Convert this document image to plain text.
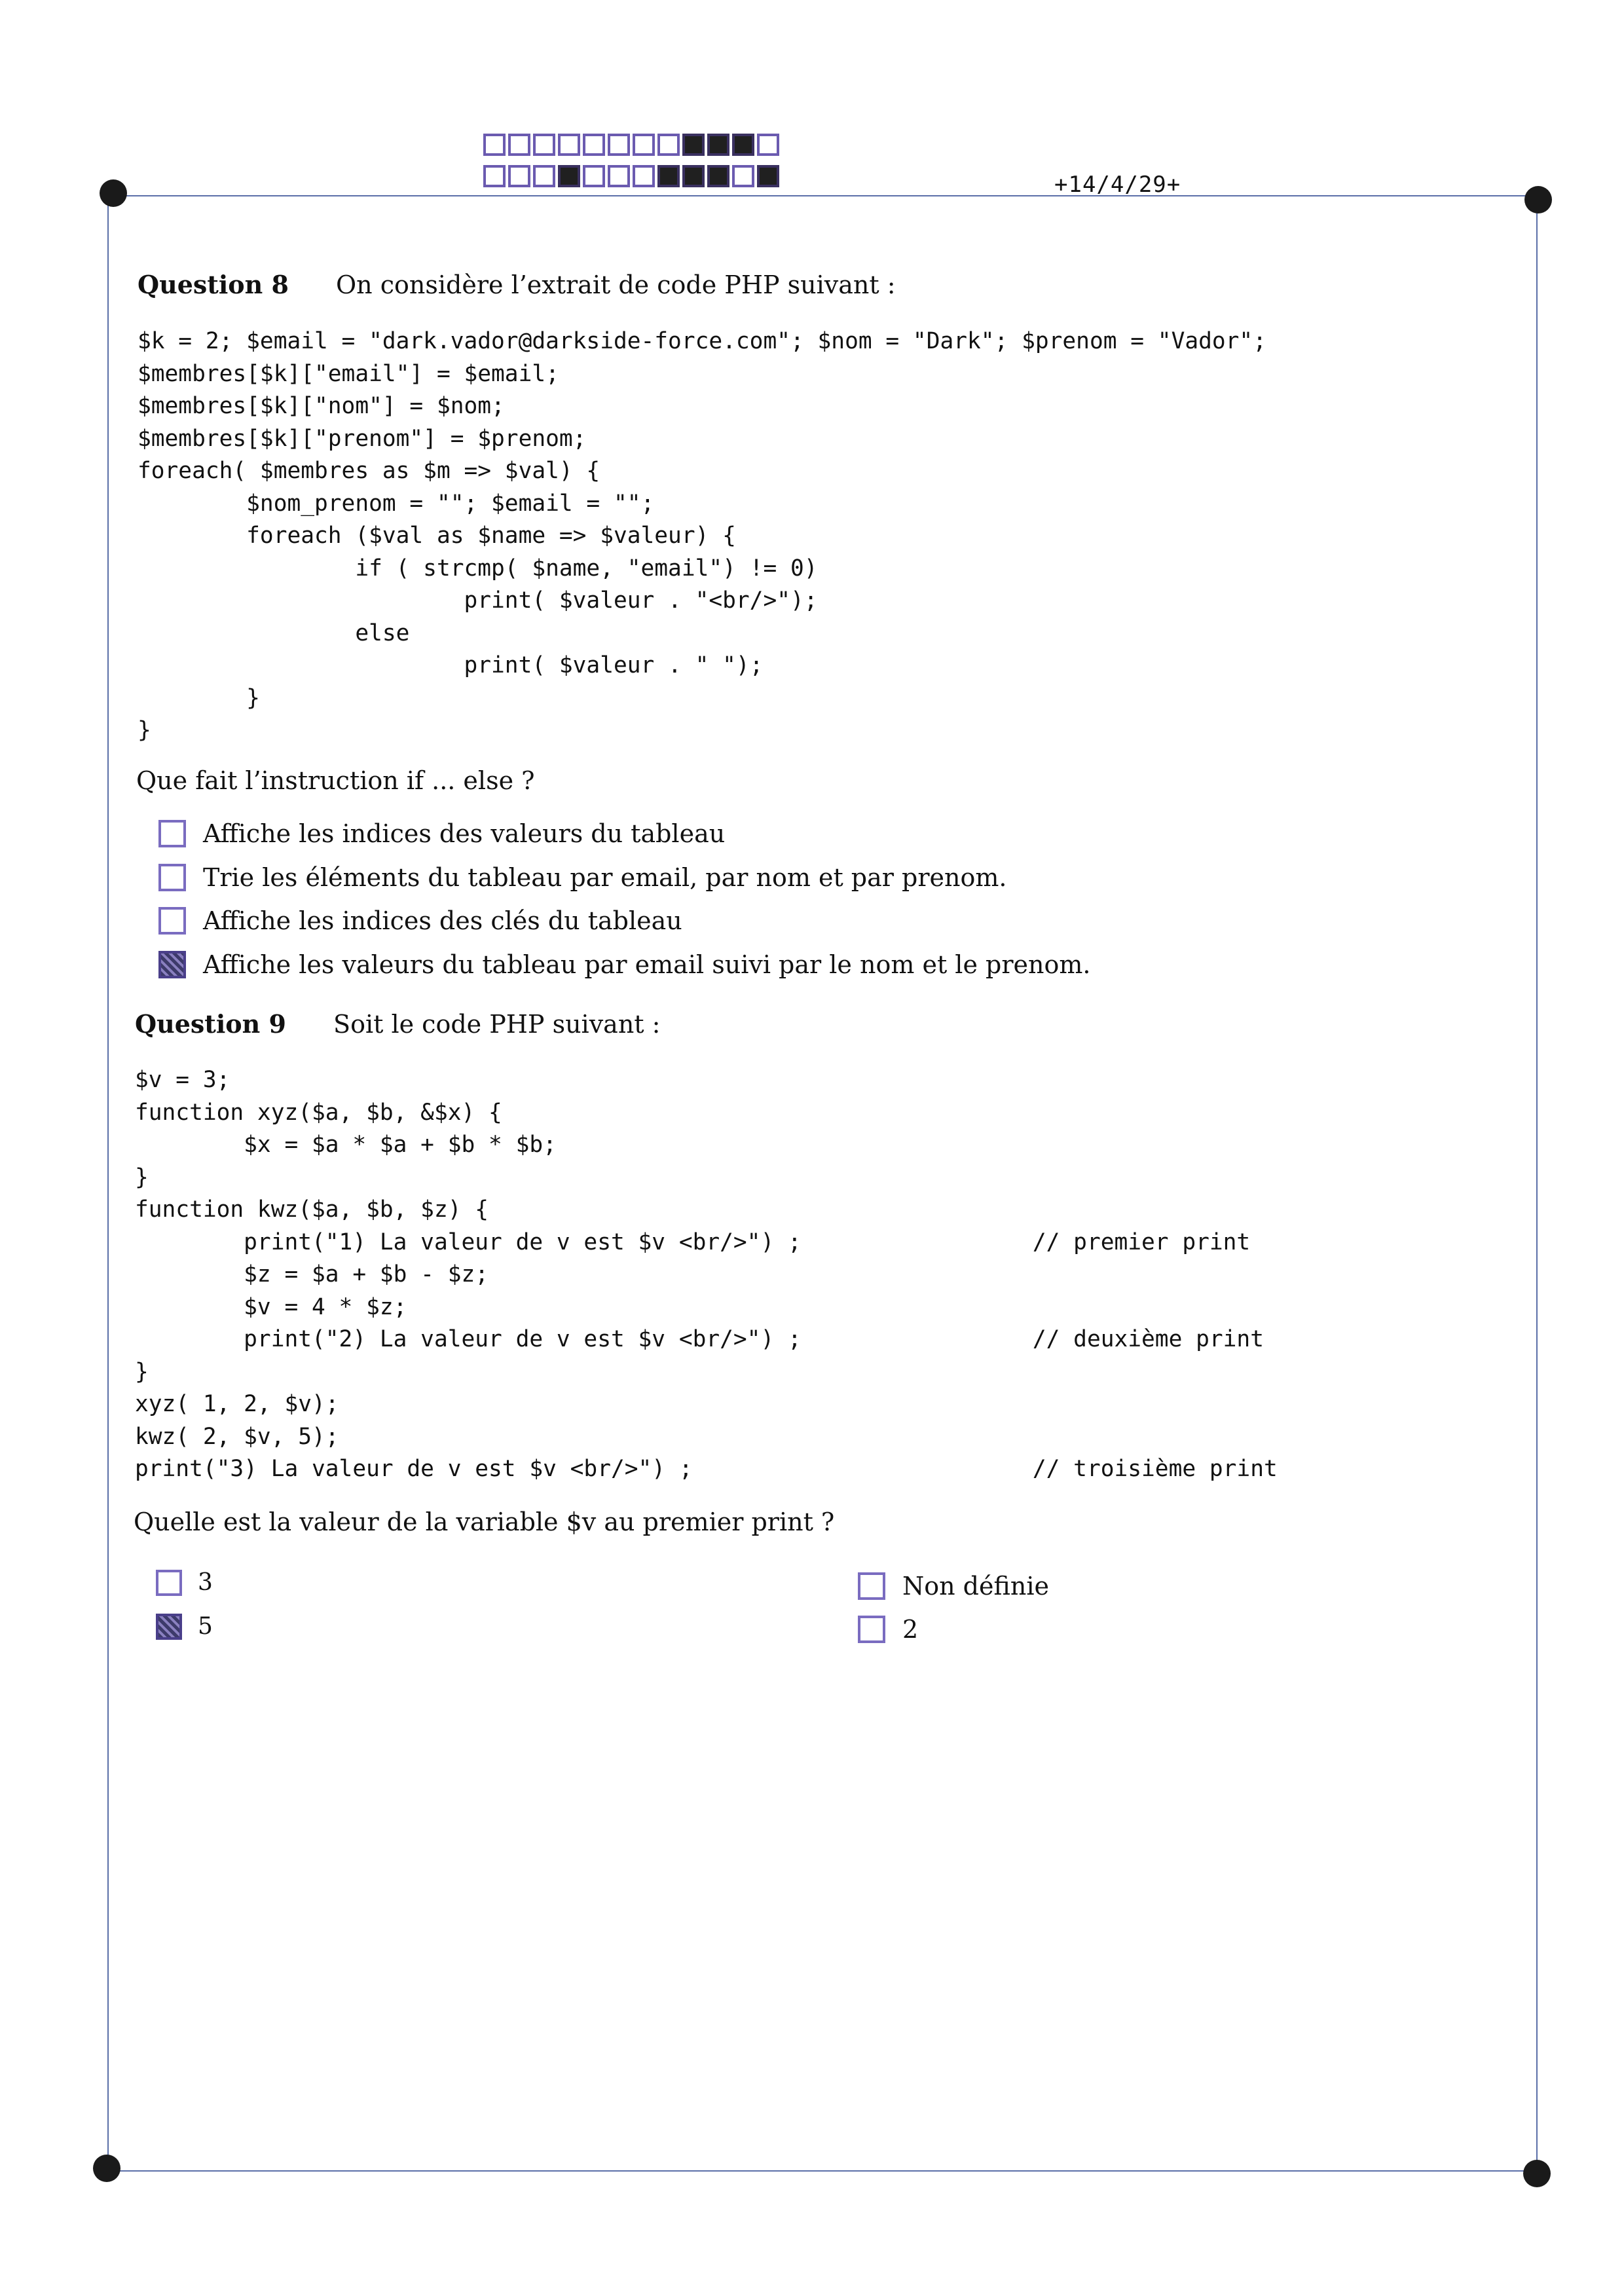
+14/4/29+
Question 8 On considère l’extrait de code PHP suivant :
$k = 2; $email = "dark.vador@darkside-force.com"; $nom = "Dark"; $prenom = "Vador";
$membres[$k]["email"] = $email;
$membres[$k]["nom"] = $nom;
$membres[$k]["prenom"] = $prenom;
foreach( $membres as $m => $val) {
$nom_prenom = ""; $email = "";
foreach ($val as $name => $valeur) {
if ( strcmp( $name, "email") != 0)
print( $valeur . "<br/>");
else
print( $valeur . " ");
}
}
Que fait l’instruction if ... else ?
Affiche les indices des valeurs du tableau
Trie les éléments du tableau par email, par nom et par prenom.
Affiche les indices des clés du tableau
Affiche les valeurs du tableau par email suivi par le nom et le prenom.
Question 9 Soit le code PHP suivant :
$v = 3;
function xyz($a, $b, &$x) {
$x = $a * $a + $b * $b;
}
function kwz($a, $b, $z) {
print("1) La valeur de v est $v <br/>") ;                 // premier print
$z = $a + $b - $z;
$v = 4 * $z;
print("2) La valeur de v est $v <br/>") ;                 // deuxième print
}
xyz( 1, 2, $v);
kwz( 2, $v, 5);
print("3) La valeur de v est $v <br/>") ;                         // troisième print
Quelle est la valeur de la variable $v au premier print ?
3
5
Non définie
2
